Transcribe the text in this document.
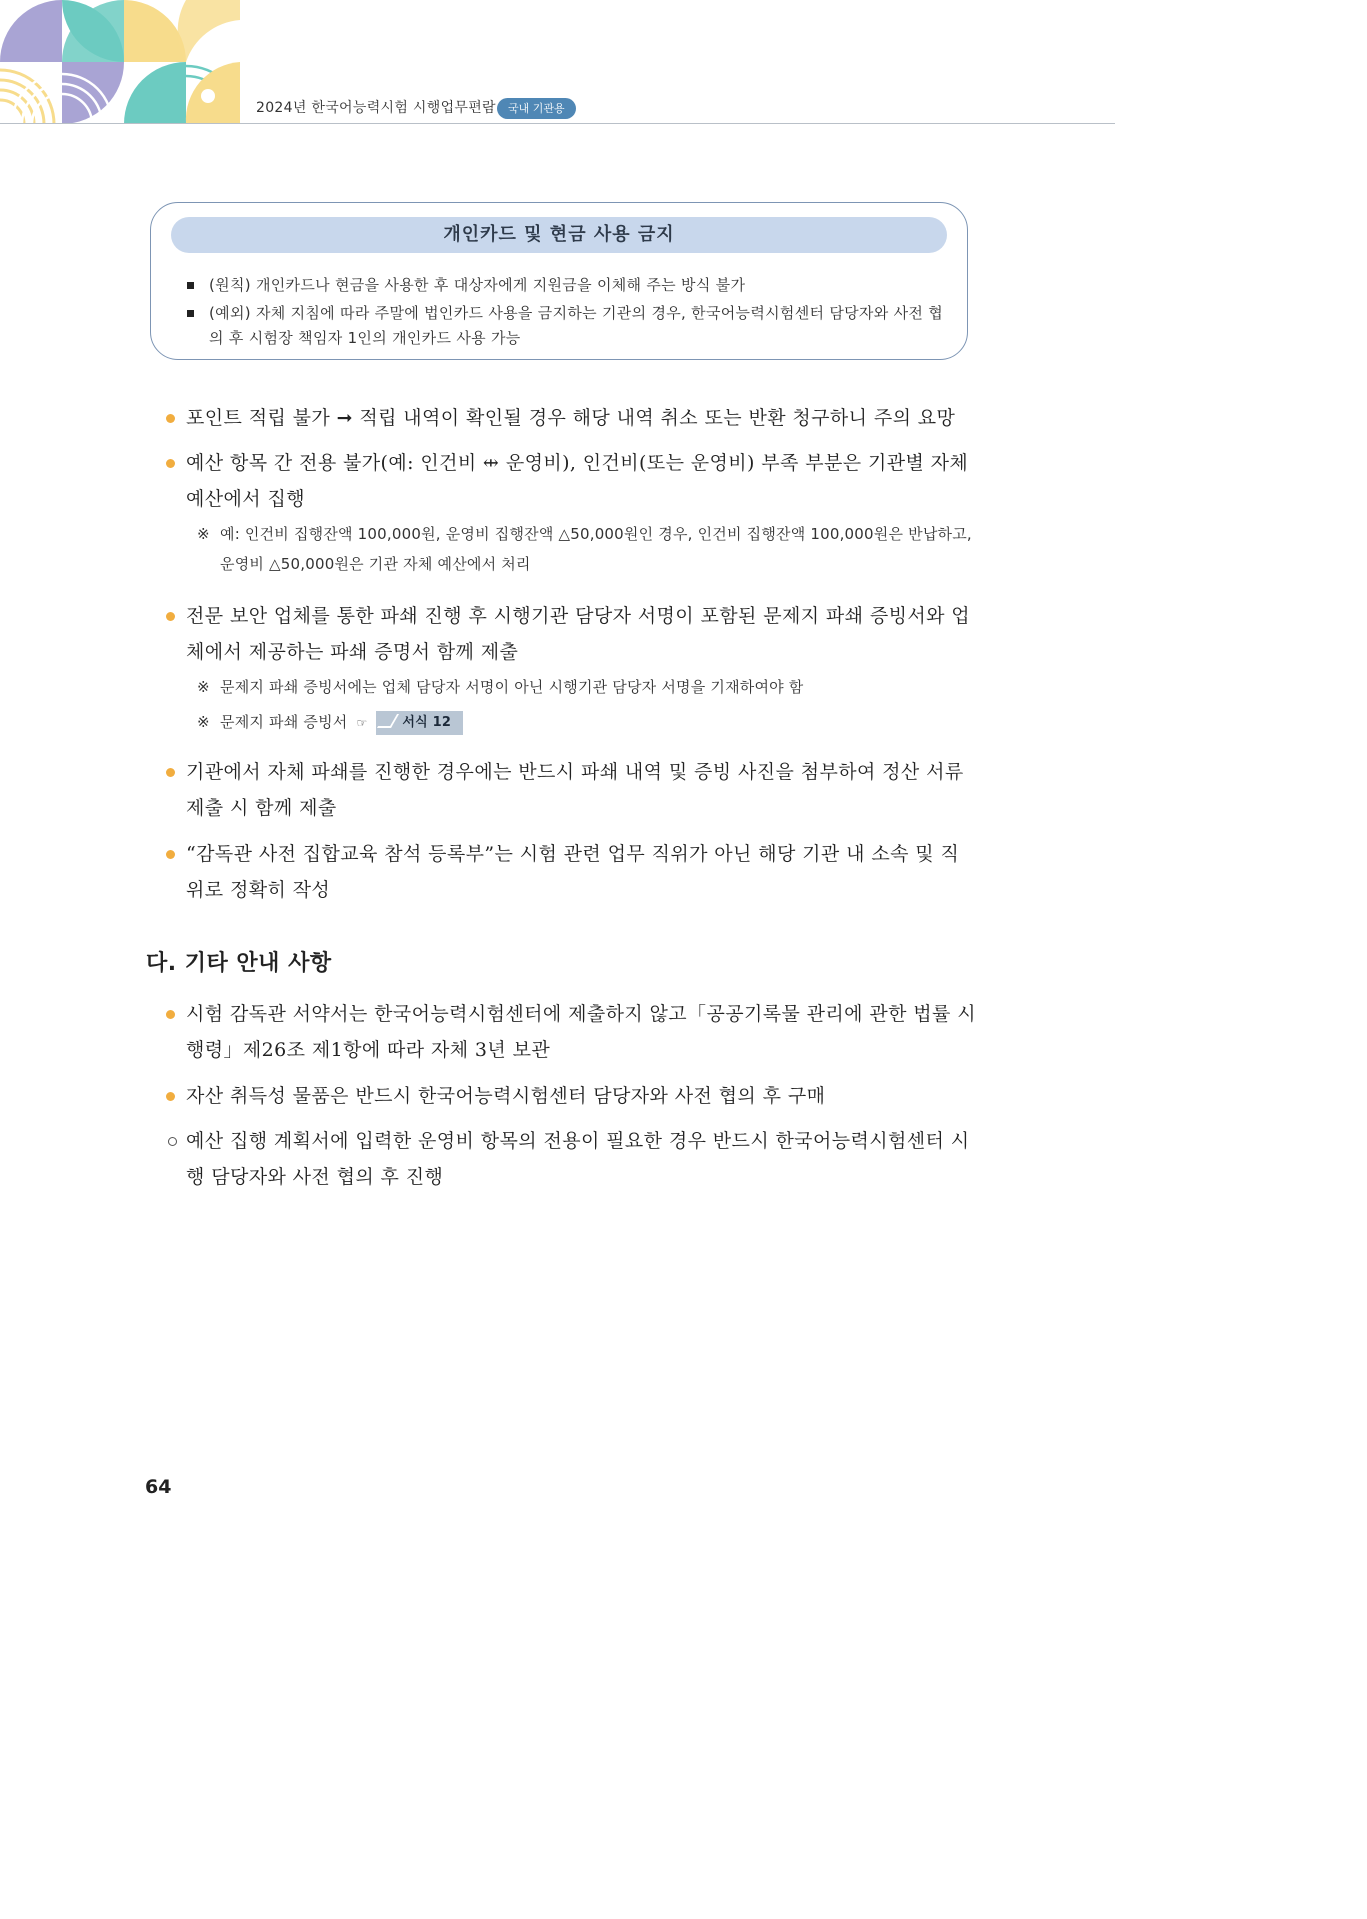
2024년 한국어능력시험 시행업무편람	국내 기관용
개인카드 및 현금 사용 금지
(원칙) 개인카드나 현금을 사용한 후 대상자에게 지원금을 이체해 주는 방식 불가
(예외) 자체 지침에 따라 주말에 법인카드 사용을 금지하는 기관의 경우, 한국어능력시험센터 담당자와 사전 협의 후 시험장 책임자 1인의 개인카드 사용 가능
포인트 적립 불가 ➞ 적립 내역이 확인될 경우 해당 내역 취소 또는 반환 청구하니 주의 요망
예산 항목 간 전용 불가(예: 인건비 ⇹ 운영비), 인건비(또는 운영비) 부족 부분은 기관별 자체 예산에서 집행
※ 예: 인건비 집행잔액 100,000원, 운영비 집행잔액 △50,000원인 경우, 인건비 집행잔액 100,000원은 반납하고, 운영비 △50,000원은 기관 자체 예산에서 처리
전문 보안 업체를 통한 파쇄 진행 후 시행기관 담당자 서명이 포함된 문제지 파쇄 증빙서와 업체에서 제공하는 파쇄 증명서 함께 제출
※ 문제지 파쇄 증빙서에는 업체 담당자 서명이 아닌 시행기관 담당자 서명을 기재하여야 함
※ 문제지 파쇄 증빙서 ☞	서식 12
기관에서 자체 파쇄를 진행한 경우에는 반드시 파쇄 내역 및 증빙 사진을 첨부하여 정산 서류 제출 시 함께 제출
“감독관 사전 집합교육 참석 등록부”는 시험 관련 업무 직위가 아닌 해당 기관 내 소속 및 직위로 정확히 작성
다. 기타 안내 사항
시험 감독관 서약서는 한국어능력시험센터에 제출하지 않고「공공기록물 관리에 관한 법률 시행령」제26조 제1항에 따라 자체 3년 보관
자산 취득성 물품은 반드시 한국어능력시험센터 담당자와 사전 협의 후 구매
예산 집행 계획서에 입력한 운영비 항목의 전용이 필요한 경우 반드시 한국어능력시험센터 시행 담당자와 사전 협의 후 진행
64
